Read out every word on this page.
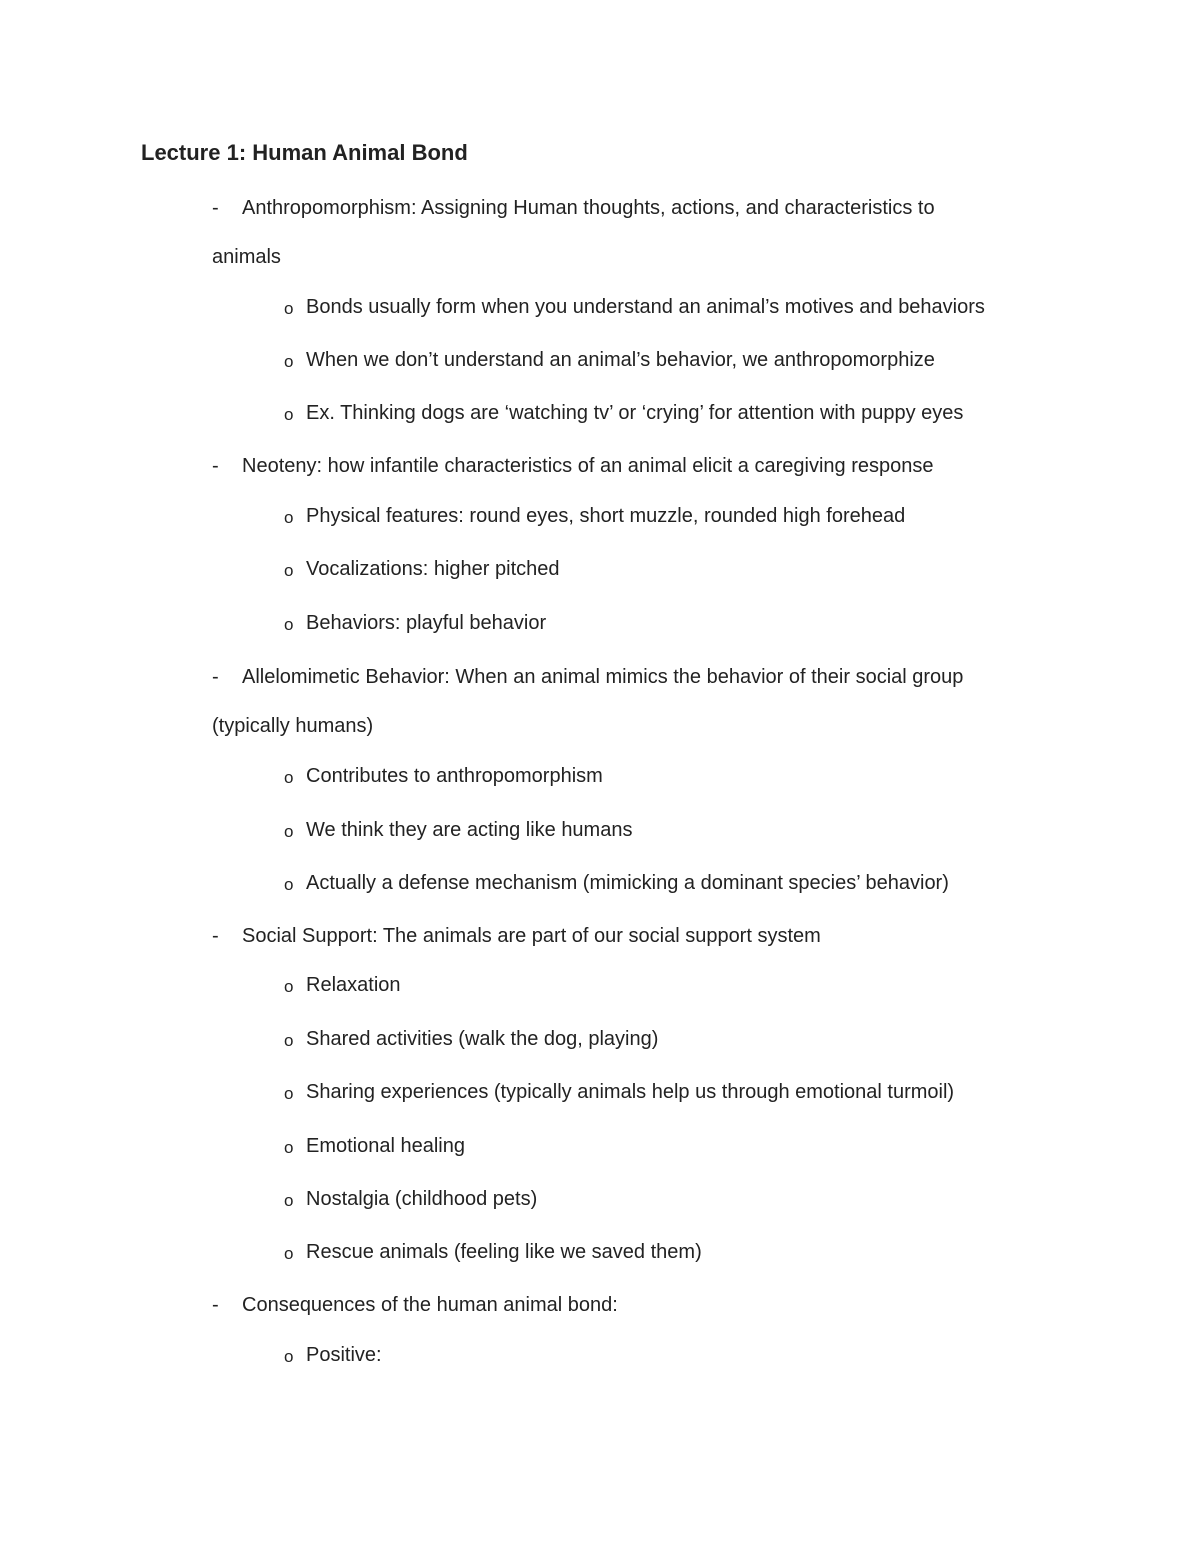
Lecture 1: Human Animal Bond
- Anthropomorphism: Assigning Human thoughts, actions, and characteristics to
animals
o Bonds usually form when you understand an animal’s motives and behaviors
o When we don’t understand an animal’s behavior, we anthropomorphize
o Ex. Thinking dogs are ‘watching tv’ or ‘crying’ for attention with puppy eyes
- Neoteny: how infantile characteristics of an animal elicit a caregiving response
o Physical features: round eyes, short muzzle, rounded high forehead
o Vocalizations: higher pitched
o Behaviors: playful behavior
- Allelomimetic Behavior: When an animal mimics the behavior of their social group
(typically humans)
o Contributes to anthropomorphism
o We think they are acting like humans
o Actually a defense mechanism (mimicking a dominant species’ behavior)
- Social Support: The animals are part of our social support system
o Relaxation
o Shared activities (walk the dog, playing)
o Sharing experiences (typically animals help us through emotional turmoil)
o Emotional healing
o Nostalgia (childhood pets)
o Rescue animals (feeling like we saved them)
- Consequences of the human animal bond:
o Positive:
